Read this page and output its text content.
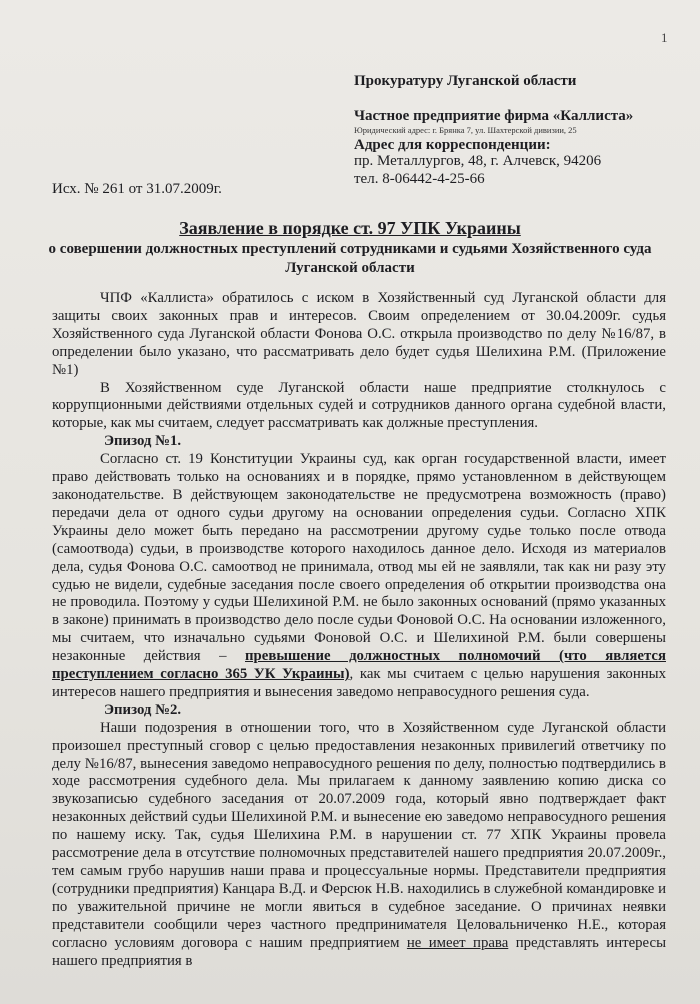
1
Прокуратуру Луганской области
Частное предприятие фирма «Каллиста»
Юридический адрес: г. Брянка 7, ул. Шахтерской дивизии, 25
Адрес для корреспонденции:
пр. Металлургов, 48, г. Алчевск, 94206
тел. 8-06442-4-25-66
Исх. № 261 от 31.07.2009г.
Заявление в порядке ст. 97 УПК Украины
о совершении должностных преступлений сотрудниками и судьями Хозяйственного суда Луганской области

ЧПФ «Каллиста» обратилось с иском в Хозяйственный суд Луганской области для защиты своих законных прав и интересов. Своим определением от 30.04.2009г. судья Хозяйственного суда Луганской области Фонова О.С. открыла производство по делу №16/87, в определении было указано, что рассматривать дело будет судья Шелихина Р.М. (Приложение №1)

В Хозяйственном суде Луганской области наше предприятие столкнулось с коррупционными действиями отдельных судей и сотрудников данного органа судебной власти, которые, как мы считаем, следует рассматривать как должные преступления.

Эпизод №1.

Согласно ст. 19 Конституции Украины суд, как орган государственной власти, имеет право действовать только на основаниях и в порядке, прямо установленном в действующем законодательстве. В действующем законодательстве не предусмотрена возможность (право) передачи дела от одного судьи другому на основании определения судьи. Согласно ХПК Украины дело может быть передано на рассмотрении другому судье только после отвода (самоотвода) судьи, в производстве которого находилось данное дело. Исходя из материалов дела, судья Фонова О.С. самоотвод не принимала, отвод мы ей не заявляли, так как ни разу эту судью не видели, судебные заседания после своего определения об открытии производства она не проводила. Поэтому у судьи Шелихиной Р.М. не было законных оснований (прямо указанных в законе) принимать в производство дело после судьи Фоновой О.С. На основании изложенного, мы считаем, что изначально судьями Фоновой О.С. и Шелихиной Р.М. были совершены незаконные действия – превышение должностных полномочий (что является преступлением согласно 365 УК Украины), как мы считаем с целью нарушения законных интересов нашего предприятия и вынесения заведомо неправосудного решения суда.

Эпизод №2.

Наши подозрения в отношении того, что в Хозяйственном суде Луганской области произошел преступный сговор с целью предоставления незаконных привилегий ответчику по делу №16/87, вынесения заведомо неправосудного решения по делу, полностью подтвердились в ходе рассмотрения судебного дела. Мы прилагаем к данному заявлению копию диска со звукозаписью судебного заседания от 20.07.2009 года, который явно подтверждает факт незаконных действий судьи Шелихиной Р.М. и вынесение ею заведомо неправосудного решения по нашему иску. Так, судья Шелихина Р.М. в нарушении ст. 77 ХПК Украины провела рассмотрение дела в отсутствие полномочных представителей нашего предприятия 20.07.2009г., тем самым грубо нарушив наши права и процессуальные нормы. Представители предприятия (сотрудники предприятия) Канцара В.Д. и Ферсюк Н.В. находились в служебной командировке и по уважительной причине не могли явиться в судебное заседание. О причинах неявки представители сообщили через частного предпринимателя Целовальниченко Н.Е., которая согласно условиям договора с нашим предприятием не имеет права представлять интересы нашего предприятия в
